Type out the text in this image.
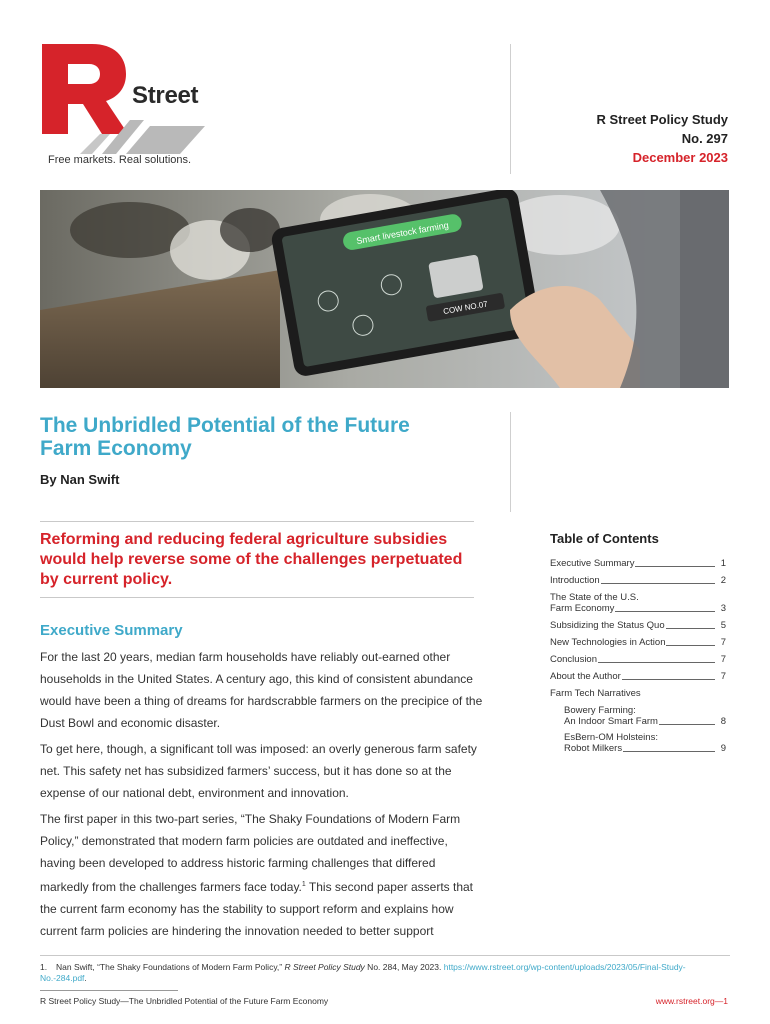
Street
Free markets. Real solutions.
R Street Policy Study
No. 297
December 2023
Smart livestock farming
COW NO.07
The Unbridled Potential of the Future Farm Economy
By Nan Swift
Reforming and reducing federal agriculture subsidies would help reverse some of the challenges perpetuated by current policy.
Executive Summary

For the last 20 years, median farm households have reliably out-earned other households in the United States. A century ago, this kind of consistent abundance would have been a thing of dreams for hardscrabble farmers on the precipice of the Dust Bowl and economic disaster.

To get here, though, a significant toll was imposed: an overly generous farm safety net. This safety net has subsidized farmers’ success, but it has done so at the expense of our national debt, environment and innovation.

The first paper in this two-part series, “The Shaky Foundations of Modern Farm Policy,” demonstrated that modern farm policies are outdated and ineffective, having been developed to address historic farming challenges that differed markedly from the challenges farmers face today.$^1$ This second paper asserts that the current farm economy has the stability to support reform and explains how current farm policies are hindering the innovation needed to better support

Table of Contents
Executive Summary	1
Introduction	2
The State of the U.S.
Farm Economy	3
Subsidizing the Status Quo	5
New Technologies in Action	7
Conclusion	7
About the Author	7
Farm Tech Narratives
Bowery Farming:
An Indoor Smart Farm	8
EsBern-OM Holsteins:
Robot Milkers	9
1. Nan Swift, “The Shaky Foundations of Modern Farm Policy,” R Street Policy Study No. 284, May 2023. https://www.rstreet.org/wp-content/uploads/2023/05/Final-Study-No.-284.pdf.
R Street Policy Study—The Unbridled Potential of the Future Farm Economy	www.rstreet.org—1
